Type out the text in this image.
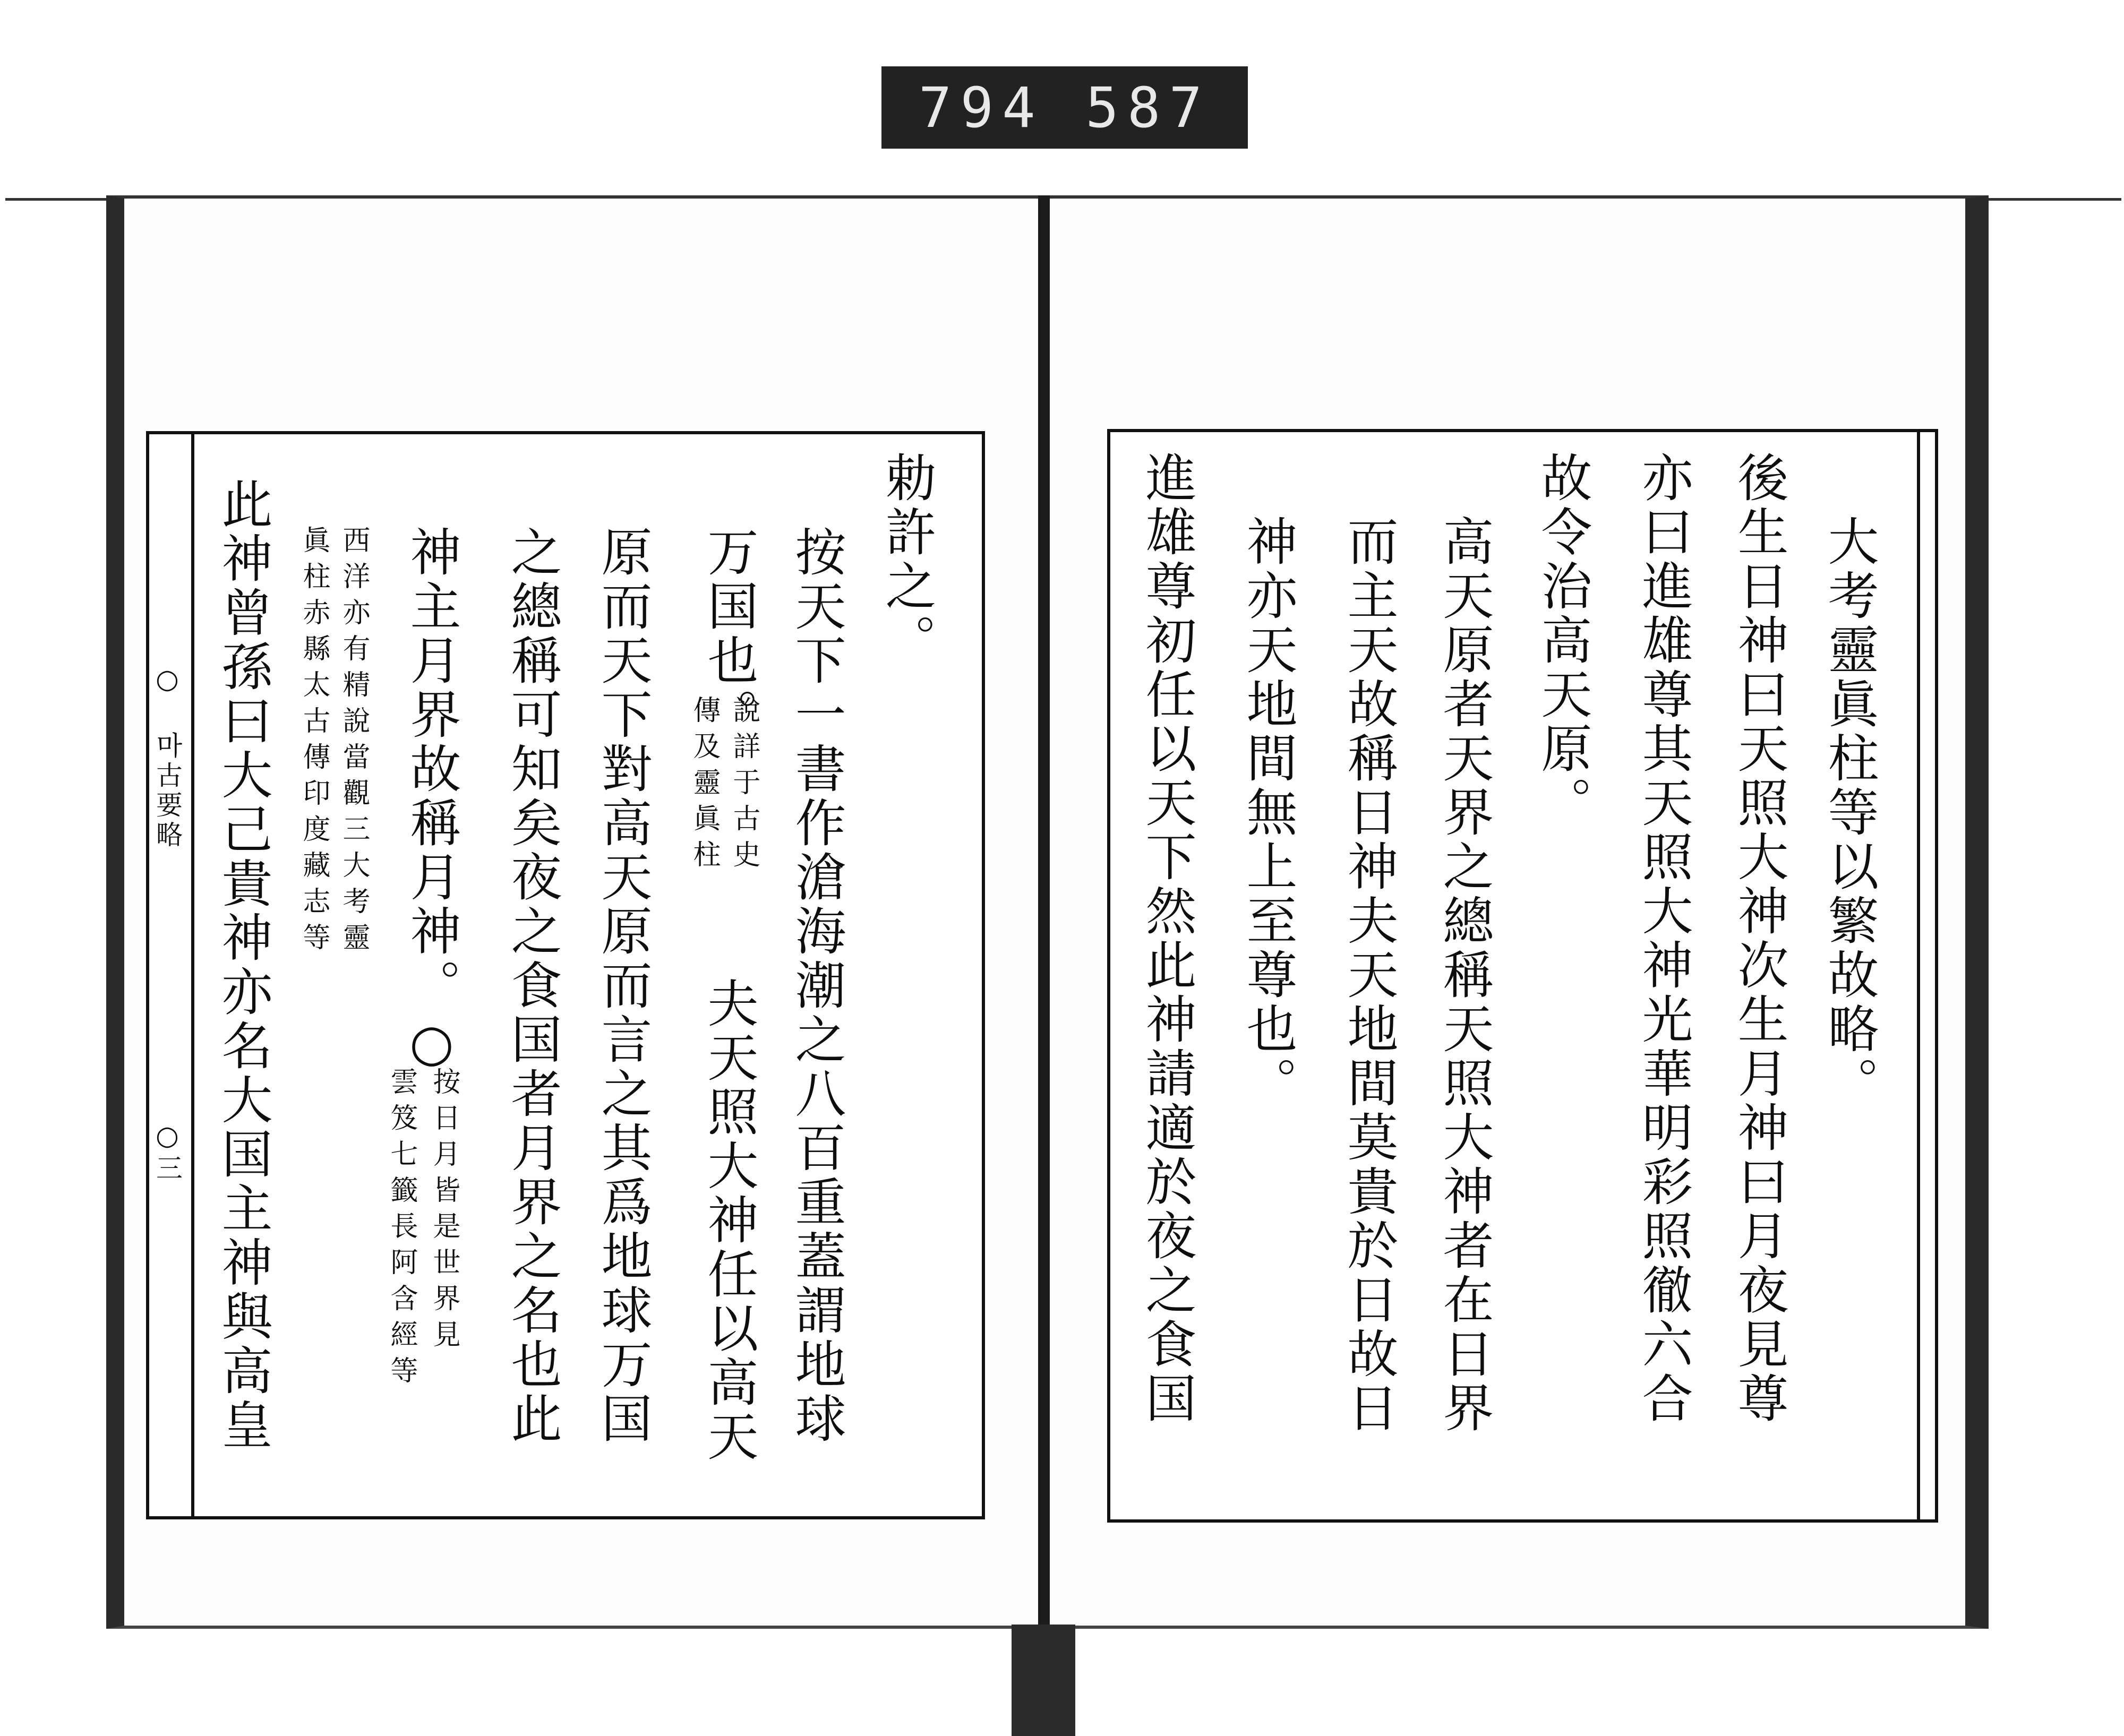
794 587
○ 마古要略
○三
勅許之。
按天下一書作滄海潮之八百重蓋謂地球
万国也。
說詳于古史
傳及靈眞柱
夫天照大神任以高天
原而天下對高天原而言之其爲地球万国
之總稱可知矣夜之食国者月界之名也此
神主月界故稱月神。○
按日月皆是世界見
雲笈七籤長阿含經等
西洋亦有精說當觀三大考靈
眞柱赤縣太古傳印度藏志等
此神曾孫曰大己貴神亦名大国主神與高皇	大考靈眞柱等以繁故略。
後生日神曰天照大神次生月神曰月夜見尊
亦曰進雄尊其天照大神光華明彩照徹六合
故令治高天原。
高天原者天界之總稱天照大神者在日界
而主天故稱日神夫天地間莫貴於日故日
神亦天地間無上至尊也。
進雄尊初任以天下然此神請適於夜之食国
